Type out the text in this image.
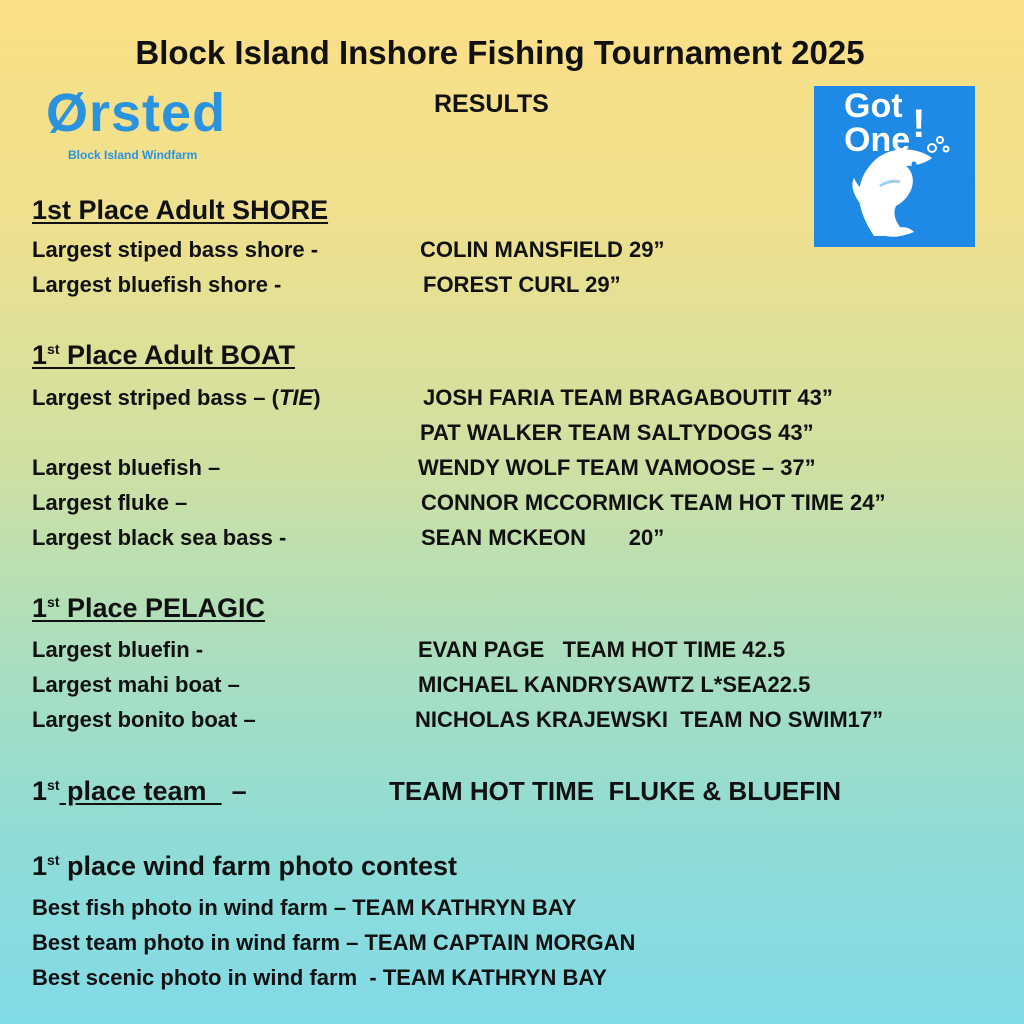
Block Island Inshore Fishing Tournament 2025
RESULTS
Ørsted
Block Island Windfarm
Got
One!
1st Place Adult SHORE
Largest stiped bass shore -	COLIN MANSFIELD 29”
Largest bluefish shore -	FOREST CURL 29”
1st Place Adult BOAT
Largest striped bass – (TIE)	JOSH FARIA TEAM BRAGABOUTIT 43”
PAT WALKER TEAM SALTYDOGS 43”
Largest bluefish –	WENDY WOLF TEAM VAMOOSE – 37”
Largest fluke –	CONNOR MCCORMICK TEAM HOT TIME 24”
Largest black sea bass -	SEAN MCKEON       20”
1st Place PELAGIC
Largest bluefin -	EVAN PAGE   TEAM HOT TIME 42.5
Largest mahi boat –	MICHAEL KANDRYSAWTZ L*SEA22.5
Largest bonito boat –	NICHOLAS KRAJEWSKI  TEAM NO SWIM17”
1st place team  –	TEAM HOT TIME  FLUKE & BLUEFIN
1st place wind farm photo contest
Best fish photo in wind farm – TEAM KATHRYN BAY
Best team photo in wind farm – TEAM CAPTAIN MORGAN
Best scenic photo in wind farm  - TEAM KATHRYN BAY
